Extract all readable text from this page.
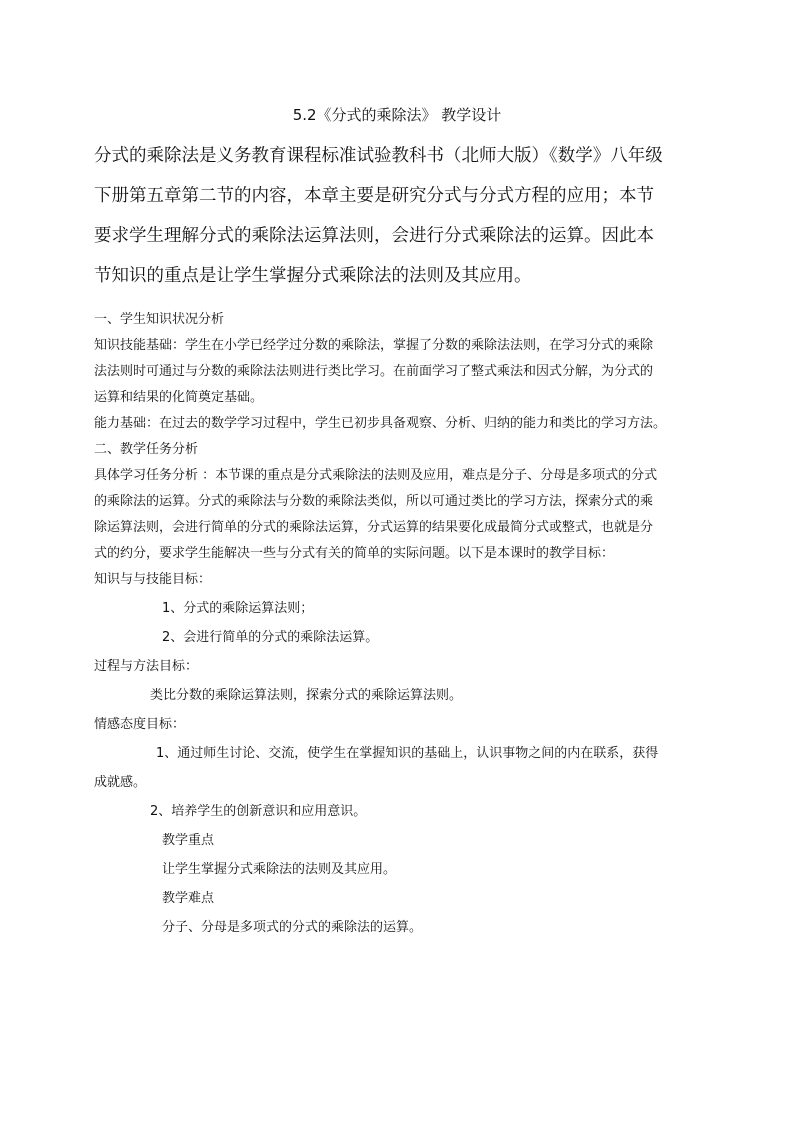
5.2《分式的乘除法》 教学设计
分式的乘除法是义务教育课程标准试验教科书（北师大版）《数学》八年级
下册第五章第二节的内容，本章主要是研究分式与分式方程的应用；本节
要求学生理解分式的乘除法运算法则，会进行分式乘除法的运算。因此本
节知识的重点是让学生掌握分式乘除法的法则及其应用。
一、学生知识状况分析
知识技能基础：学生在小学已经学过分数的乘除法，掌握了分数的乘除法法则，在学习分式的乘除
法法则时可通过与分数的乘除法法则进行类比学习。在前面学习了整式乘法和因式分解，为分式的
运算和结果的化简奠定基础。
能力基础：在过去的数学学习过程中，学生已初步具备观察、分析、归纳的能力和类比的学习方法。
二、教学任务分析
具体学习任务分析 ：本节课的重点是分式乘除法的法则及应用，难点是分子、分母是多项式的分式
的乘除法的运算。分式的乘除法与分数的乘除法类似，所以可通过类比的学习方法，探索分式的乘
除运算法则，会进行简单的分式的乘除法运算，分式运算的结果要化成最简分式或整式，也就是分
式的约分，要求学生能解决一些与分式有关的简单的实际问题。以下是本课时的教学目标：
知识与与技能目标：
1、分式的乘除运算法则；
2、会进行简单的分式的乘除法运算。
过程与方法目标：
类比分数的乘除运算法则，探索分式的乘除运算法则。
情感态度目标：
1、通过师生讨论、交流，使学生在掌握知识的基础上，认识事物之间的内在联系，获得
成就感。
2、培养学生的创新意识和应用意识。
教学重点
让学生掌握分式乘除法的法则及其应用。
教学难点
分子、分母是多项式的分式的乘除法的运算。
